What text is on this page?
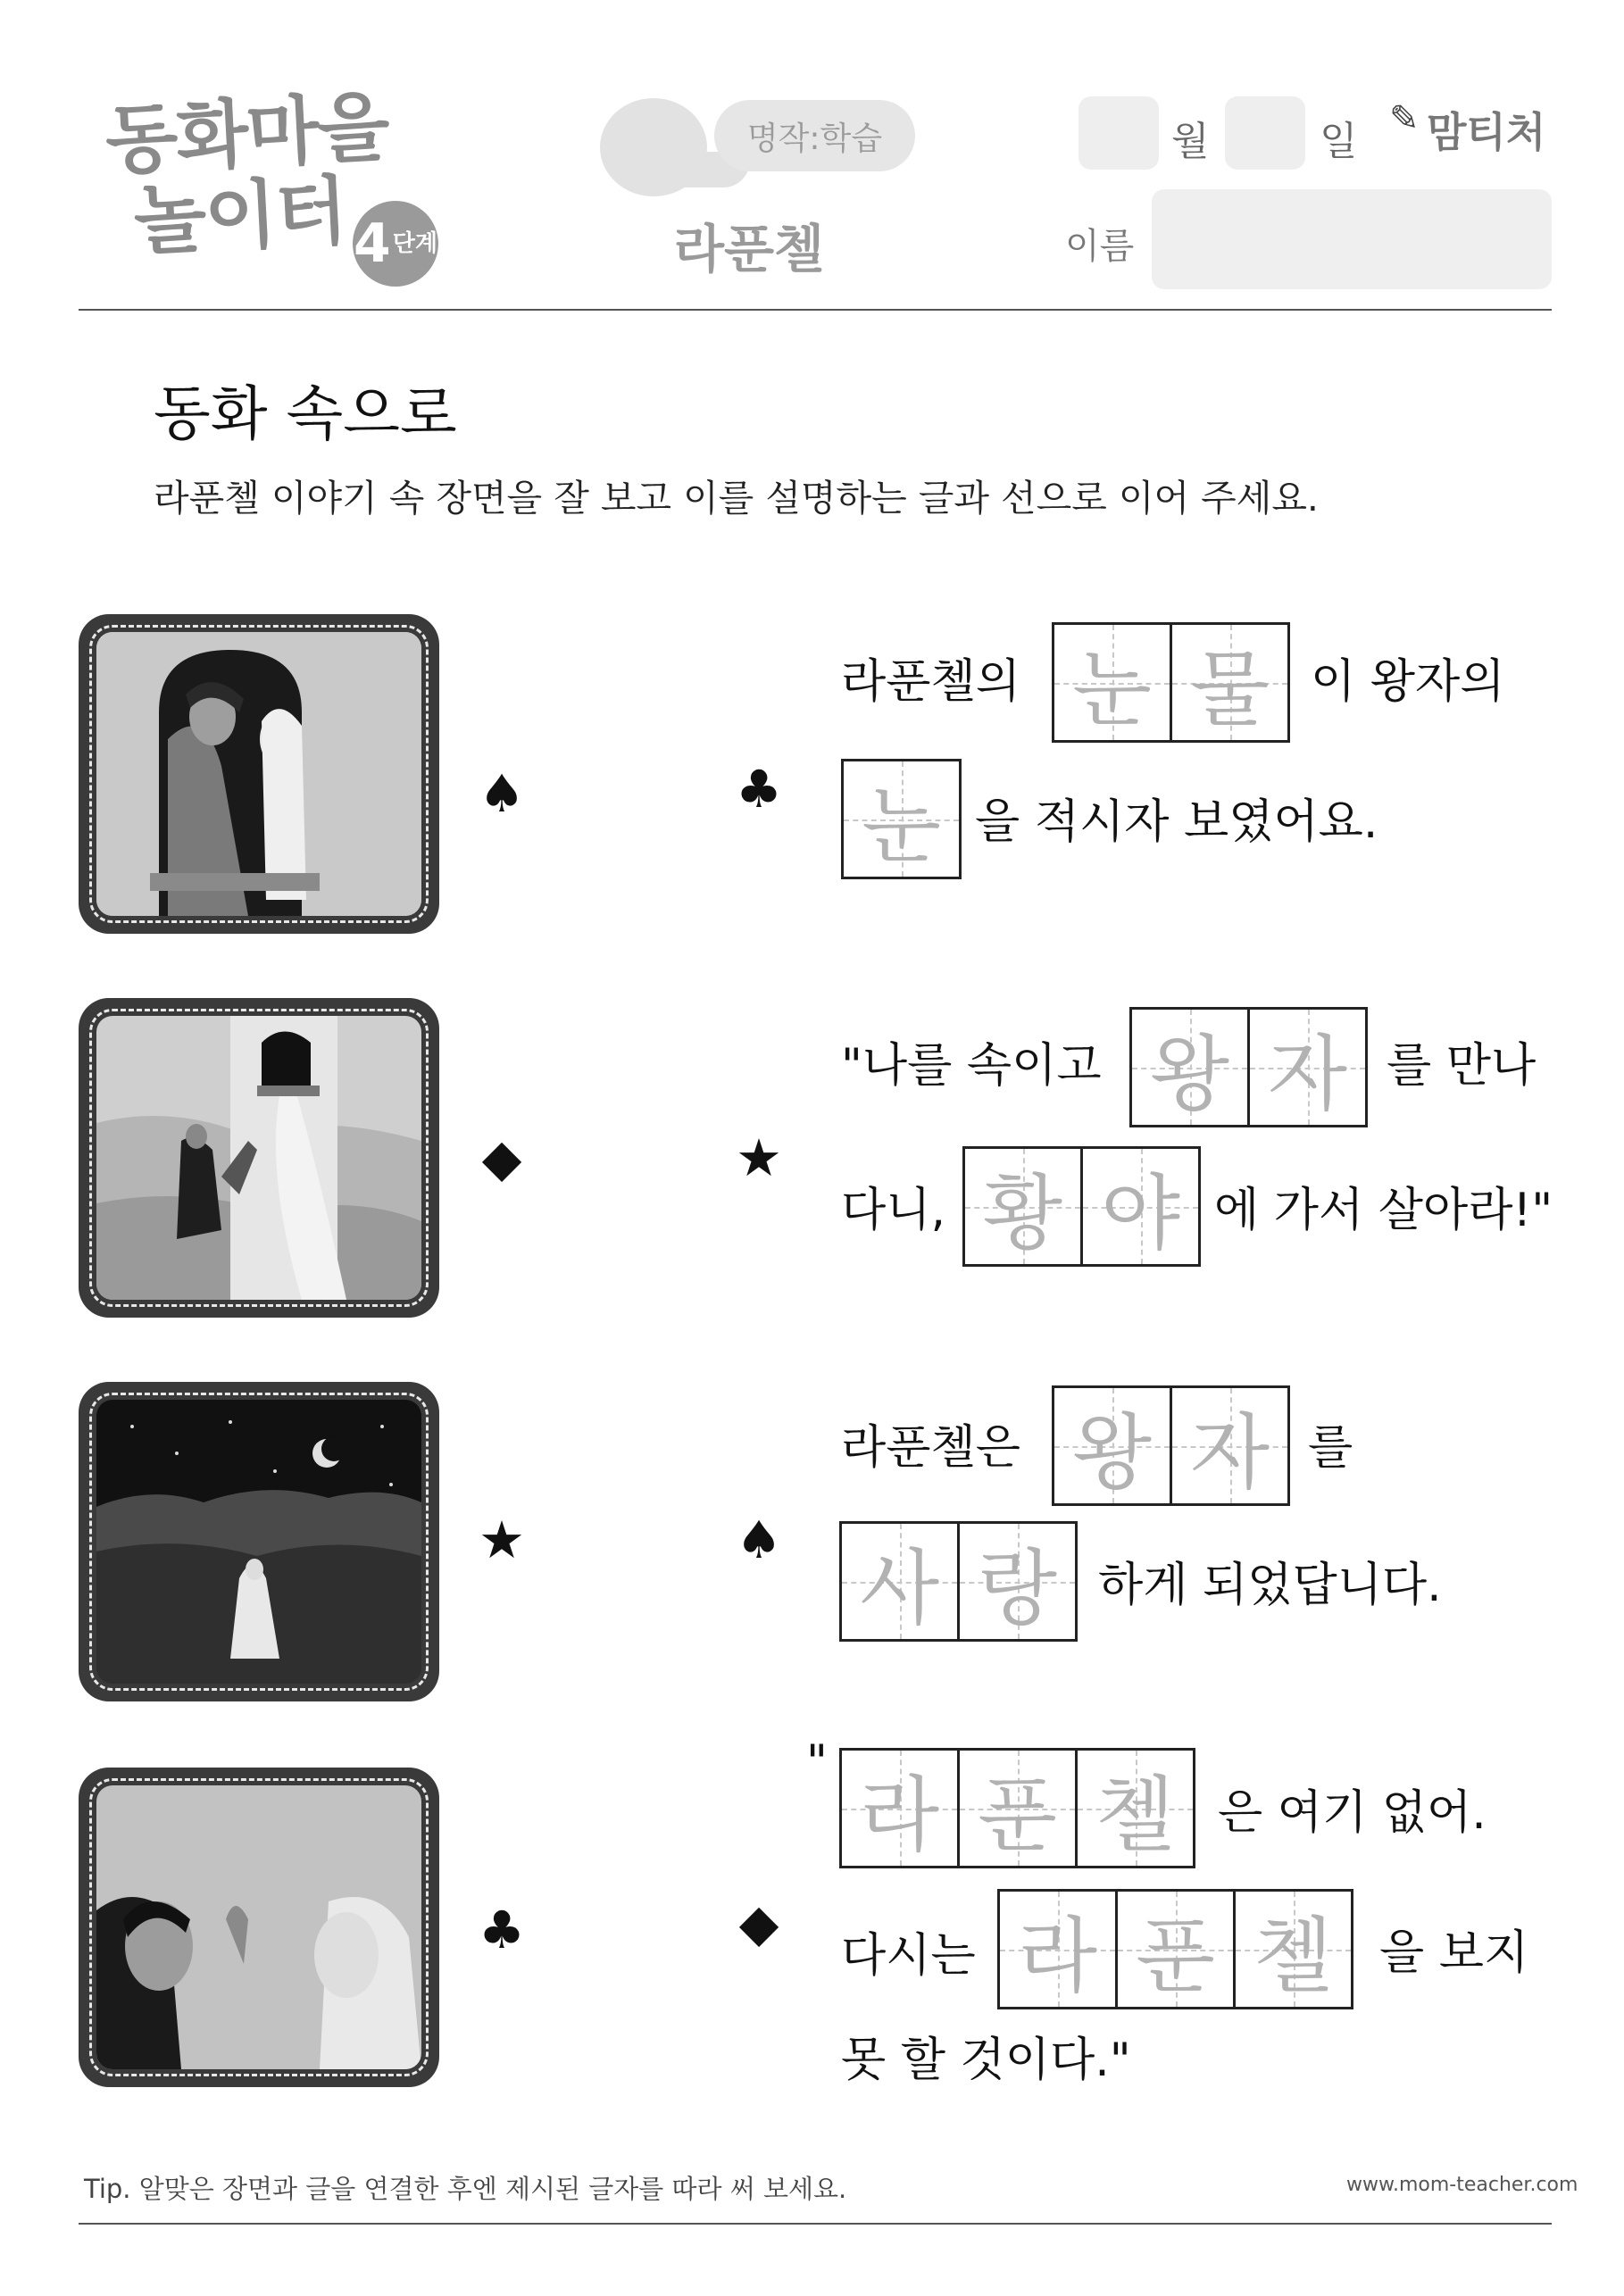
동화마을
놀이터 4 단계
명작:학습
라푼첼
월	일 ✎ 맘티처
이름
동화 속으로
라푼첼 이야기 속 장면을 잘 보고 이를 설명하는 글과 선으로 이어 주세요.
♠
◆
★
♣
♣
★
♠
◆
라푼첼의 눈 물 이 왕자의
눈 을 적시자 보였어요.
"나를 속이고 왕 자 를 만나
다니, 황 야 에 가서 살아라!"
라푼첼은 왕 자 를
사 랑 하게 되었답니다.
"
라 푼 첼 은 여기 없어.
다시는 라 푼 첼 을 보지
못 할 것이다."
Tip. 알맞은 장면과 글을 연결한 후엔 제시된 글자를 따라 써 보세요.	www.mom-teacher.com
